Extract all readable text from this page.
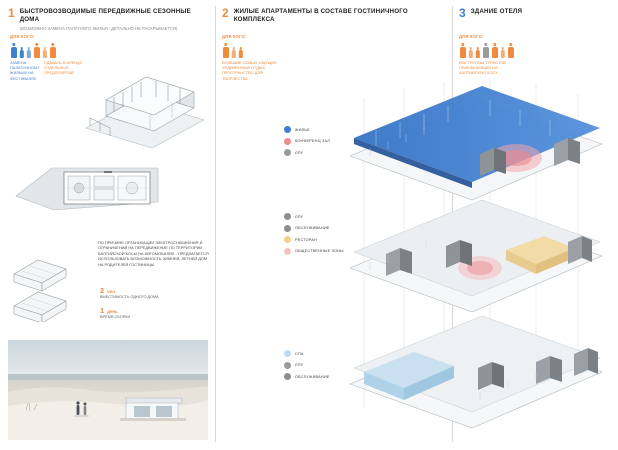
1 БЫСТРОВОЗВОДИМЫЕ ПЕРЕДВИЖНЫЕ СЕЗОННЫЕ ДОМА
(ВОЗМОЖНО ЗАМЕНА ПАЛАТНОГО ЖИЛЬЯ , ДЕТАЛЬНО НЕ РАСКРЫВАЕТСЯ)
2 ЖИЛЫЕ АПАРТАМЕНТЫ В СОСТАВЕ ГОСТИНИЧНОГО КОМПЛЕКСА	3 ЗДАНИЕ ОТЕЛЯ
ДЛЯ КОГО:	ДЛЯ КОГО:	ДЛЯ КОГО:
ЗАМЕНА ПАЛАТОЧНОМУ ЖИЛЬМУ НА ФЕСТИВАЛЯХ
СДАВАТЬ В АРЕНДУ ОТДЕЛЬНЫХ ПРЕДПРИЯТИЙ
БОЛЬШИЕ СЕМЬИ, ИЩУЩИЕ УЕДИНЁННЫЙ ОТДЫХ; ПРОСТРАНСТВО ДЛЯ ТВОРЧЕСТВА
ВСЕ ГРУППЫ ТУРИСТОВ, ПРИЕЗЖАЮЩИХ НА БАЛТИЙСКУЮ КОСУ
ПО ПРИЧИНЕ ОРГАНИЗАЦИИ ЭЛЕКТРОСНАБЖЕНИЯ И ОГРАНИЧЕНИЙ НА ПЕРЕДВИЖЕНИЕ ПО ТЕРРИТОРИИ БАЛТИЙСКОЙ КОСЫ НА АВТОМОБИЛЯХ - ПРЕДЛАГАЕТСЯ ИСПОЛЬЗОВАТЬ ВОЗМОЖНОСТЬ ЗИМНЕЙ, ЛЕТНЕЙ ДОМ НА РОДИТЕЛЕЙ ГОСТИНИЦЫ
2 чел
ВМЕСТИМОСТЬ ОДНОГО ДОМА
1 день
ВРЕМЯ СБОРКИ
ЖИЛЬЕ
КОНФЕРЕНЦ ЗАЛ
ЛПУ
ЛПУ
ОБСЛУЖИВАНИЕ
РЕСТОРАН
ОБЩЕСТВЕННЫЕ ЗОНЫ
СПА
ЛПУ
ОБСЛУЖИВАНИЕ
